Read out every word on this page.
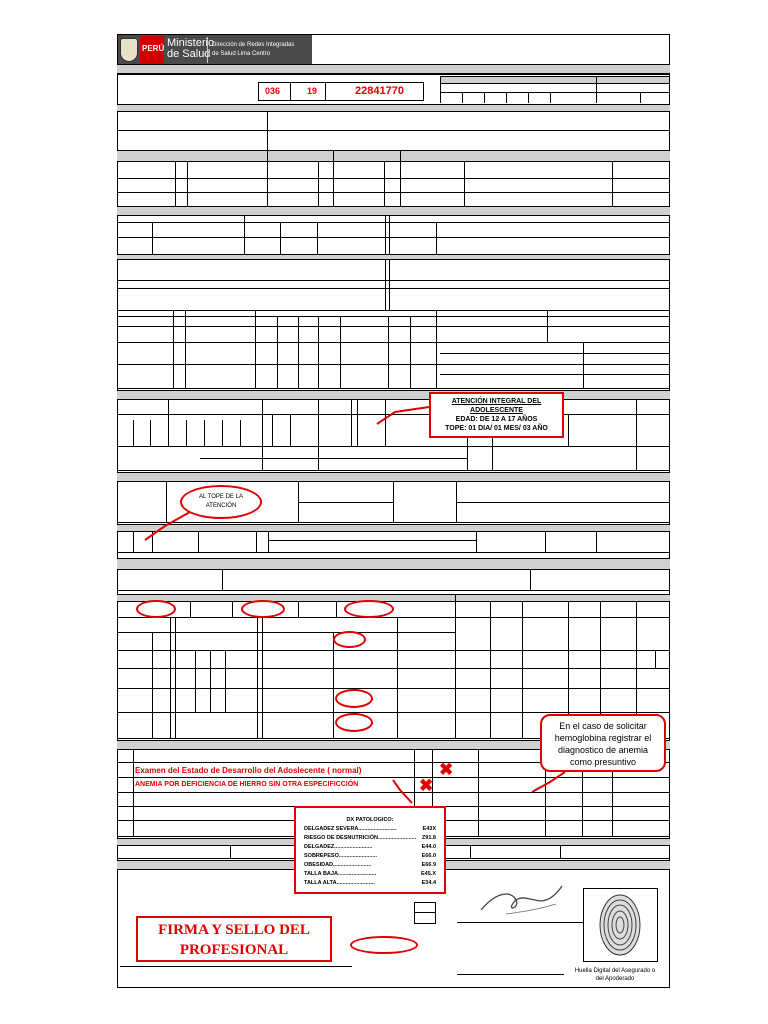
PERÚ Ministerio
de Salud
Dirección de Redes Integradas
de Salud Lima Centro
036	19	22841770
Examen del Estado de Desarrollo del Adoslecente ( normal)
ANEMIA POR DEFICIENCIA DE HIERRO SIN OTRA ESPECIFICCIÓN
✖
✖
Huella Digital del Asegurado o
del Apoderado
FIRMA Y SELLO DEL
PROFESIONAL
ATENCIÓN INTEGRAL DEL ADOLESCENTE
EDAD: DE 12 A 17 AÑOS
TOPE: 01 DIA/ 01 MES/ 03 AÑO
AL TOPE DE LA
ATENCIÓN
En el caso de solicitar hemoglobina registrar el diagnostico de anemia como presuntivo
DX PATOLOGICO:
DELGADEZ SEVERA.........................	E43X
RIESGO DE DESNUTRICIÓN......................... Z91.8
DELGADEZ.........................	E44.0
SOBREPESO.........................	E66.0
OBESIDAD.........................	E66.9
TALLA BAJA.........................	E45.X
TALLA ALTA.........................	E34.4
